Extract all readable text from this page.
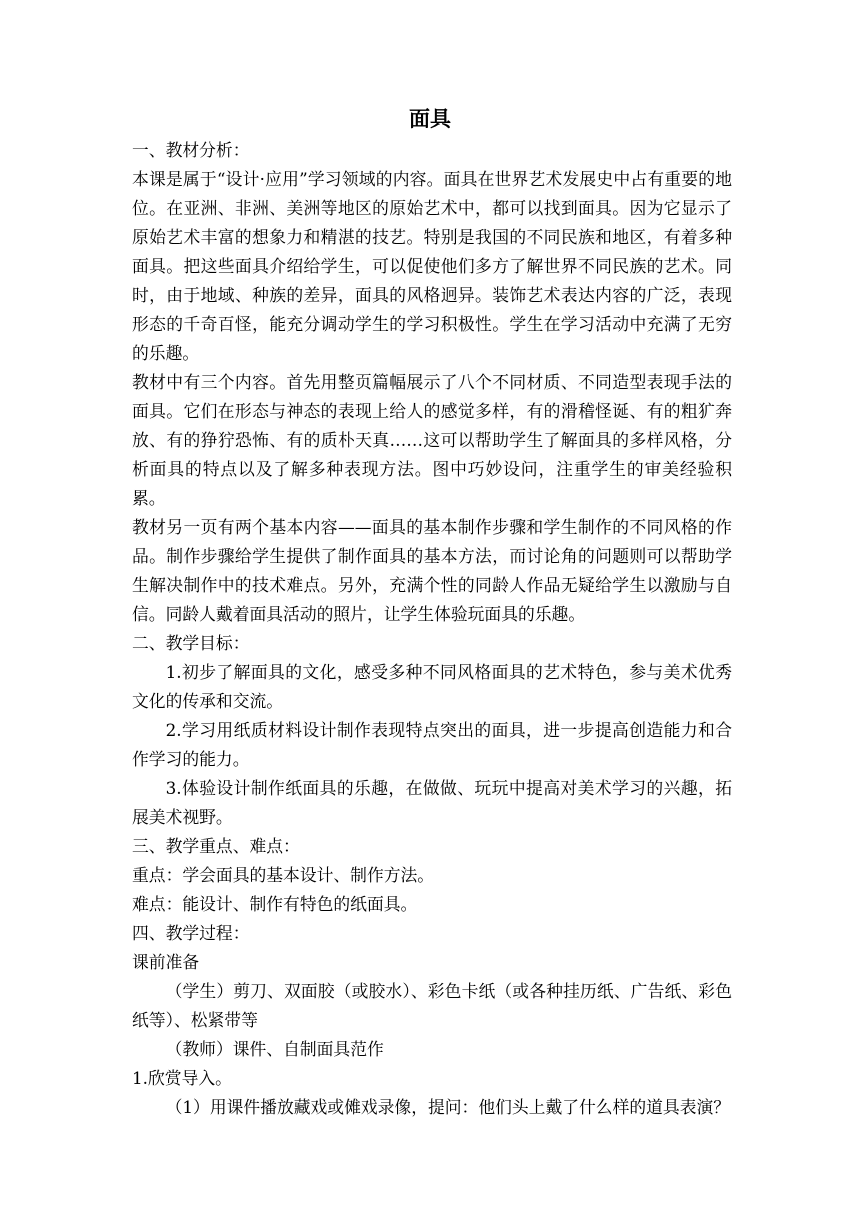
面具

一、教材分析：

本课是属于“设计·应用”学习领域的内容。面具在世界艺术发展史中占有重要的地位。在亚洲、非洲、美洲等地区的原始艺术中，都可以找到面具。因为它显示了原始艺术丰富的想象力和精湛的技艺。特别是我国的不同民族和地区，有着多种面具。把这些面具介绍给学生，可以促使他们多方了解世界不同民族的艺术。同时，由于地域、种族的差异，面具的风格迥异。装饰艺术表达内容的广泛，表现形态的千奇百怪，能充分调动学生的学习积极性。学生在学习活动中充满了无穷的乐趣。

教材中有三个内容。首先用整页篇幅展示了八个不同材质、不同造型表现手法的面具。它们在形态与神态的表现上给人的感觉多样，有的滑稽怪诞、有的粗犷奔放、有的狰狞恐怖、有的质朴天真……这可以帮助学生了解面具的多样风格，分析面具的特点以及了解多种表现方法。图中巧妙设问，注重学生的审美经验积累。

教材另一页有两个基本内容——面具的基本制作步骤和学生制作的不同风格的作品。制作步骤给学生提供了制作面具的基本方法，而讨论角的问题则可以帮助学生解决制作中的技术难点。另外，充满个性的同龄人作品无疑给学生以激励与自信。同龄人戴着面具活动的照片，让学生体验玩面具的乐趣。

二、教学目标：

1.初步了解面具的文化，感受多种不同风格面具的艺术特色，参与美术优秀文化的传承和交流。

2.学习用纸质材料设计制作表现特点突出的面具，进一步提高创造能力和合作学习的能力。

3.体验设计制作纸面具的乐趣，在做做、玩玩中提高对美术学习的兴趣，拓展美术视野。

三、教学重点、难点：

重点：学会面具的基本设计、制作方法。

难点：能设计、制作有特色的纸面具。

四、教学过程：

课前准备

（学生）剪刀、双面胶（或胶水）、彩色卡纸（或各种挂历纸、广告纸、彩色纸等）、松紧带等

（教师）课件、自制面具范作

1.欣赏导入。

（1）用课件播放藏戏或傩戏录像，提问：他们头上戴了什么样的道具表演？
